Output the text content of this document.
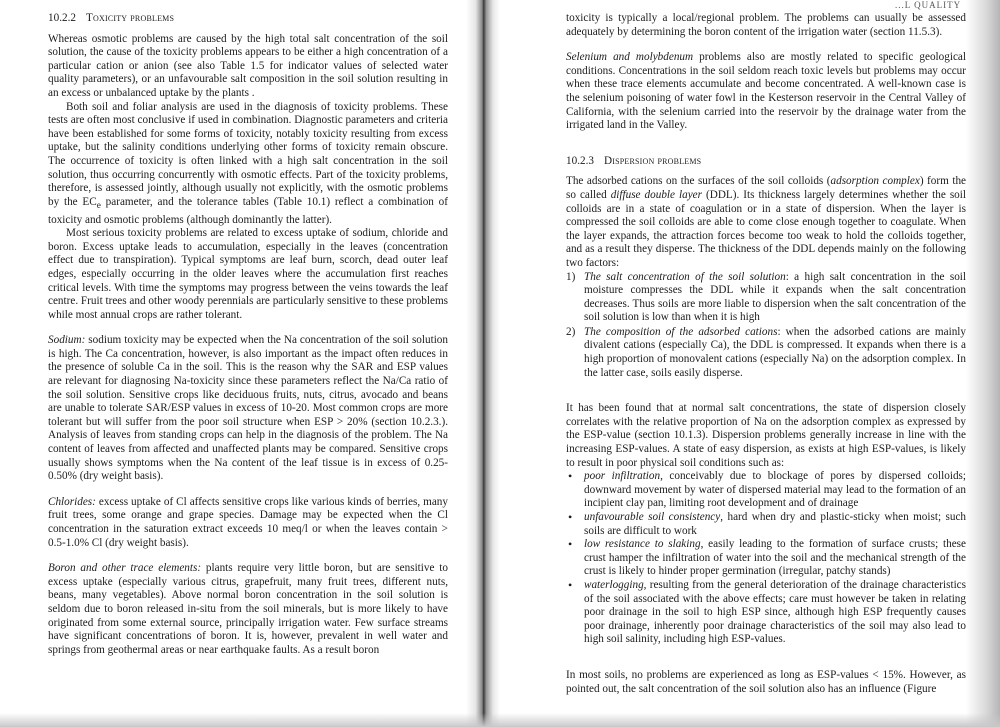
10.2.2 Toxicity problems

Whereas osmotic problems are caused by the high total salt concentration of the soil solution, the cause of the toxicity problems appears to be either a high concentration of a particular cation or anion (see also Table 1.5 for indicator values of selected water quality parameters), or an unfavourable salt composition in the soil solution resulting in an excess or unbalanced uptake by the plants .

Both soil and foliar analysis are used in the diagnosis of toxicity problems. These tests are often most conclusive if used in combination. Diagnostic parameters and criteria have been established for some forms of toxicity, notably toxicity resulting from excess uptake, but the salinity conditions underlying other forms of toxicity remain obscure. The occurrence of toxicity is often linked with a high salt concentration in the soil solution, thus occurring concurrently with osmotic effects. Part of the toxicity problems, therefore, is assessed jointly, although usually not explicitly, with the osmotic problems by the $EC_e$ parameter, and the tolerance tables (Table 10.1) reflect a combination of toxicity and osmotic problems (although dominantly the latter).

Most serious toxicity problems are related to excess uptake of sodium, chloride and boron. Excess uptake leads to accumulation, especially in the leaves (concentration effect due to transpiration). Typical symptoms are leaf burn, scorch, dead outer leaf edges, especially occurring in the older leaves where the accumulation first reaches critical levels. With time the symptoms may progress between the veins towards the leaf centre. Fruit trees and other woody perennials are particularly sensitive to these problems while most annual crops are rather tolerant.

Sodium: sodium toxicity may be expected when the Na concentration of the soil solution is high. The Ca concentration, however, is also important as the impact often reduces in the presence of soluble Ca in the soil. This is the reason why the SAR and ESP values are relevant for diagnosing Na-toxicity since these parameters reflect the Na/Ca ratio of the soil solution. Sensitive crops like deciduous fruits, nuts, citrus, avocado and beans are unable to tolerate SAR/ESP values in excess of 10-20. Most common crops are more tolerant but will suffer from the poor soil structure when ESP > 20% (section 10.2.3.). Analysis of leaves from standing crops can help in the diagnosis of the problem. The Na content of leaves from affected and unaffected plants may be compared. Sensitive crops usually shows symptoms when the Na content of the leaf tissue is in excess of 0.25-0.50% (dry weight basis).

Chlorides: excess uptake of Cl affects sensitive crops like various kinds of berries, many fruit trees, some orange and grape species. Damage may be expected when the Cl concentration in the saturation extract exceeds 10 meq/l or when the leaves contain > 0.5-1.0% Cl (dry weight basis).

Boron and other trace elements: plants require very little boron, but are sensitive to excess uptake (especially various citrus, grapefruit, many fruit trees, different nuts, beans, many vegetables). Above normal boron concentration in the soil solution is seldom due to boron released in-situ from the soil minerals, but is more likely to have originated from some external source, principally irrigation water. Few surface streams have significant concentrations of boron. It is, however, prevalent in well water and springs from geothermal areas or near earthquake faults. As a result boron

...L QUALITY

toxicity is typically a local/regional problem. The problems can usually be assessed adequately by determining the boron content of the irrigation water (section 11.5.3).

Selenium and molybdenum problems also are mostly related to specific geological conditions. Concentrations in the soil seldom reach toxic levels but problems may occur when these trace elements accumulate and become concentrated. A well-known case is the selenium poisoning of water fowl in the Kesterson reservoir in the Central Valley of California, with the selenium carried into the reservoir by the drainage water from the irrigated land in the Valley.

10.2.3 Dispersion problems

The adsorbed cations on the surfaces of the soil colloids (adsorption complex) form the so called diffuse double layer (DDL). Its thickness largely determines whether the soil colloids are in a state of coagulation or in a state of dispersion. When the layer is compressed the soil colloids are able to come close enough together to coagulate. When the layer expands, the attraction forces become too weak to hold the colloids together, and as a result they disperse. The thickness of the DDL depends mainly on the following two factors:

1) The salt concentration of the soil solution: a high salt concentration in the soil moisture compresses the DDL while it expands when the salt concentration decreases. Thus soils are more liable to dispersion when the salt concentration of the soil solution is low than when it is high
2) The composition of the adsorbed cations: when the adsorbed cations are mainly divalent cations (especially Ca), the DDL is compressed. It expands when there is a high proportion of monovalent cations (especially Na) on the adsorption complex. In the latter case, soils easily disperse.

It has been found that at normal salt concentrations, the state of dispersion closely correlates with the relative proportion of Na on the adsorption complex as expressed by the ESP-value (section 10.1.3). Dispersion problems generally increase in line with the increasing ESP-values. A state of easy dispersion, as exists at high ESP-values, is likely to result in poor physical soil conditions such as:

• poor infiltration, conceivably due to blockage of pores by dispersed colloids; downward movement by water of dispersed material may lead to the formation of an incipient clay pan, limiting root development and of drainage
• unfavourable soil consistency, hard when dry and plastic-sticky when moist; such soils are difficult to work
• low resistance to slaking, easily leading to the formation of surface crusts; these crust hamper the infiltration of water into the soil and the mechanical strength of the crust is likely to hinder proper germination (irregular, patchy stands)
• waterlogging, resulting from the general deterioration of the drainage characteristics of the soil associated with the above effects; care must however be taken in relating poor drainage in the soil to high ESP since, although high ESP frequently causes poor drainage, inherently poor drainage characteristics of the soil may also lead to high soil salinity, including high ESP-values.

In most soils, no problems are experienced as long as ESP-values < 15%. However, as pointed out, the salt concentration of the soil solution also has an influence (Figure
